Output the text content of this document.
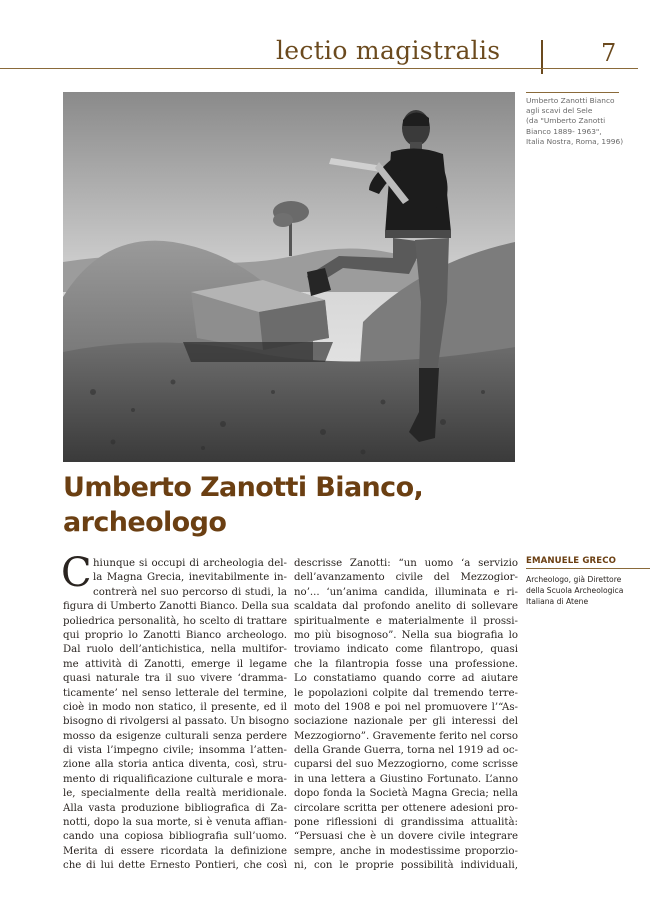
lectio magistralis	7
Umberto Zanotti Bianco
agli scavi del Sele
(da "Umberto Zanotti
Bianco 1889- 1963",
Italia Nostra, Roma, 1996)
Umberto Zanotti Bianco,
archeologo
EMANUELE GRECO
Archeologo, già Direttore
della Scuola Archeologica
Italiana di Atene
C hiunque si occupi di archeologia del-
la Magna Grecia, inevitabilmente in-
contrerà nel suo percorso di studi, la
figura di Umberto Zanotti Bianco. Della sua
poliedrica personalità, ho scelto di trattare
qui proprio lo Zanotti Bianco archeologo.
Dal ruolo dell’antichistica, nella multifor-
me attività di Zanotti, emerge il legame
quasi naturale tra il suo vivere ‘dramma-
ticamente’ nel senso letterale del termine,
cioè in modo non statico, il presente, ed il
bisogno di rivolgersi al passato. Un bisogno
mosso da esigenze culturali senza perdere
di vista l’impegno civile; insomma l’atten-
zione alla storia antica diventa, così, stru-
mento di riqualificazione culturale e mora-
le, specialmente della realtà meridionale.
Alla vasta produzione bibliografica di Za-
notti, dopo la sua morte, si è venuta affian-
cando una copiosa bibliografia sull’uomo.
Merita di essere ricordata la definizione
che di lui dette Ernesto Pontieri, che così
descrisse Zanotti: “un uomo ‘a servizio
dell’avanzamento civile del Mezzogior-
no’... ‘un’anima candida, illuminata e ri-
scaldata dal profondo anelito di sollevare
spiritualmente e materialmente il prossi-
mo più bisognoso”. Nella sua biografia lo
troviamo indicato come filantropo, quasi
che la filantropia fosse una professione.
Lo constatiamo quando corre ad aiutare
le popolazioni colpite dal tremendo terre-
moto del 1908 e poi nel promuovere l’“As-
sociazione nazionale per gli interessi del
Mezzogiorno”. Gravemente ferito nel corso
della Grande Guerra, torna nel 1919 ad oc-
cuparsi del suo Mezzogiorno, come scrisse
in una lettera a Giustino Fortunato. L’anno
dopo fonda la Società Magna Grecia; nella
circolare scritta per ottenere adesioni pro-
pone riflessioni di grandissima attualità:
“Persuasi che è un dovere civile integrare
sempre, anche in modestissime proporzio-
ni, con le proprie possibilità individuali,
